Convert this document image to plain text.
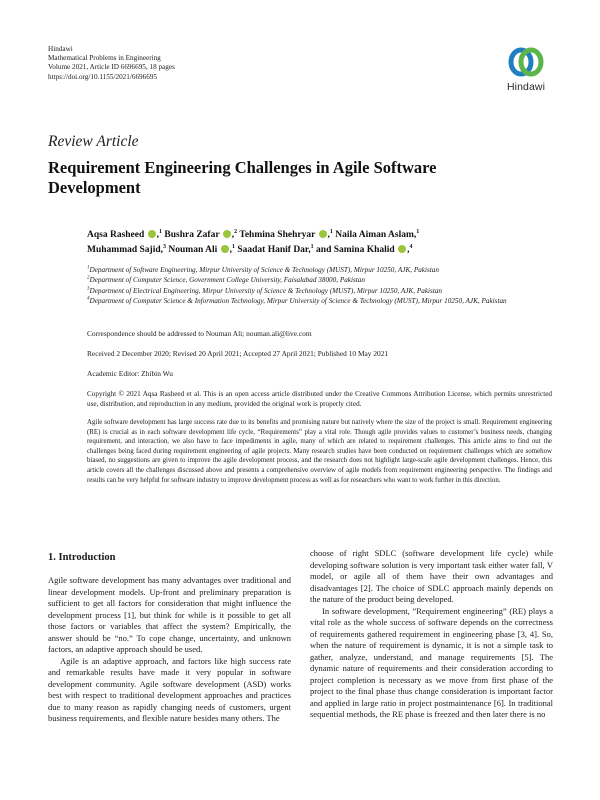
Hindawi
Mathematical Problems in Engineering
Volume 2021, Article ID 6696695, 18 pages
https://doi.org/10.1155/2021/6696695
Hindawi
Review Article
Requirement Engineering Challenges in Agile Software Development
Aqsa Rasheed ,$^1$ Bushra Zafar ,$^2$ Tehmina Shehryar ,$^1$ Naila Aiman Aslam,$^1$
Muhammad Sajid,$^3$ Nouman Ali ,$^1$ Saadat Hanif Dar,$^1$ and Samina Khalid ,$^4$
$^1$Department of Software Engineering, Mirpur University of Science & Technology (MUST), Mirpur 10250, AJK, Pakistan
$^2$Department of Computer Science, Government College University, Faisalabad 38000, Pakistan
$^3$Department of Electrical Engineering, Mirpur University of Science & Technology (MUST), Mirpur 10250, AJK, Pakistan
$^4$Department of Computer Science & Information Technology, Mirpur University of Science & Technology (MUST), Mirpur 10250, AJK, Pakistan
Correspondence should be addressed to Nouman Ali; nouman.ali@live.com
Received 2 December 2020; Revised 20 April 2021; Accepted 27 April 2021; Published 10 May 2021
Academic Editor: Zhibin Wu
Copyright © 2021 Aqsa Rasheed et al. This is an open access article distributed under the Creative Commons Attribution License, which permits unrestricted use, distribution, and reproduction in any medium, provided the original work is properly cited.
Agile software development has large success rate due to its benefits and promising nature but natively where the size of the project is small. Requirement engineering (RE) is crucial as in each software development life cycle, “Requirements” play a vital role. Though agile provides values to customer’s business needs, changing requirement, and interaction, we also have to face impediments in agile, many of which are related to requirement challenges. This article aims to find out the challenges being faced during requirement engineering of agile projects. Many research studies have been conducted on requirement challenges which are somehow biased, no suggestions are given to improve the agile development process, and the research does not highlight large-scale agile development challenges. Hence, this article covers all the challenges discussed above and presents a comprehensive overview of agile models from requirement engineering perspective. The findings and results can be very helpful for software industry to improve development process as well as for researchers who want to work further in this direction.
1. Introduction

Agile software development has many advantages over traditional and linear development models. Up-front and preliminary preparation is sufficient to get all factors for consideration that might influence the development process [1], but think for while is it possible to get all those factors or variables that affect the system? Empirically, the answer should be “no.” To cope change, uncertainty, and unknown factors, an adaptive approach should be used.

Agile is an adaptive approach, and factors like high success rate and remarkable results have made it very popular in software development community. Agile software development (ASD) works best with respect to traditional development approaches and practices due to many reason as rapidly changing needs of customers, urgent business requirements, and flexible nature besides many others. The

choose of right SDLC (software development life cycle) while developing software solution is very important task either water fall, V model, or agile all of them have their own advantages and disadvantages [2]. The choice of SDLC approach mainly depends on the nature of the product being developed.

In software development, ”Requirement engineering” (RE) plays a vital role as the whole success of software depends on the correctness of requirements gathered requirement in engineering phase [3, 4]. So, when the nature of requirement is dynamic, it is not a simple task to gather, analyze, understand, and manage requirements [5]. The dynamic nature of requirements and their consideration according to project completion is necessary as we move from first phase of the project to the final phase thus change consideration is important factor and applied in large ratio in project postmaintenance [6]. In traditional sequential methods, the RE phase is freezed and then later there is no
